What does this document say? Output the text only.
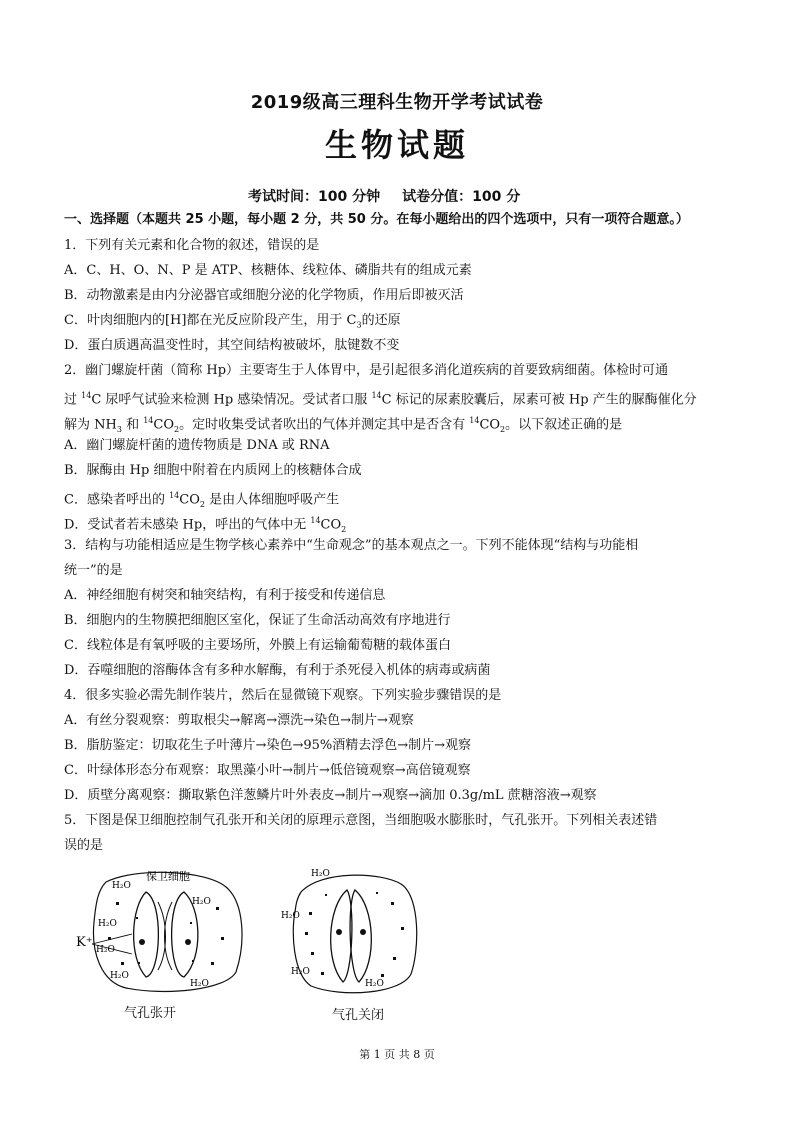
2019级高三理科生物开学考试试卷
生物试题
考试时间：100 分钟 试卷分值：100 分
一、选择题（本题共 25 小题，每小题 2 分，共 50 分。在每小题给出的四个选项中，只有一项符合题意。）
1．下列有关元素和化合物的叙述，错误的是
A．C、H、O、N、P 是 ATP、核糖体、线粒体、磷脂共有的组成元素
B．动物激素是由内分泌器官或细胞分泌的化学物质，作用后即被灭活
C．叶肉细胞内的[H]都在光反应阶段产生，用于 $C_3$的还原
D．蛋白质遇高温变性时，其空间结构被破坏，肽键数不变
2．幽门螺旋杆菌（简称 Hp）主要寄生于人体胃中，是引起很多消化道疾病的首要致病细菌。体检时可通
过 $^{14}$C 尿呼气试验来检测 Hp 感染情况。受试者口服 $^{14}$C 标记的尿素胶囊后，尿素可被 Hp 产生的脲酶催化分
解为 $NH_3$ 和 $^{14}CO_2$。定时收集受试者吹出的气体并测定其中是否含有 $^{14}CO_2$。以下叙述正确的是
A．幽门螺旋杆菌的遗传物质是 DNA 或 RNA
B．脲酶由 Hp 细胞中附着在内质网上的核糖体合成
C．感染者呼出的 $^{14}CO_2$ 是由人体细胞呼吸产生
D．受试者若未感染 Hp，呼出的气体中无 $^{14}CO_2$
3．结构与功能相适应是生物学核心素养中“生命观念”的基本观点之一。下列不能体现“结构与功能相
统一”的是
A．神经细胞有树突和轴突结构，有利于接受和传递信息
B．细胞内的生物膜把细胞区室化，保证了生命活动高效有序地进行
C．线粒体是有氧呼吸的主要场所，外膜上有运输葡萄糖的载体蛋白
D．吞噬细胞的溶酶体含有多种水解酶，有利于杀死侵入机体的病毒或病菌
4．很多实验必需先制作装片，然后在显微镜下观察。下列实验步骤错误的是
A．有丝分裂观察：剪取根尖→解离→漂洗→染色→制片→观察
B．脂肪鉴定：切取花生子叶薄片→染色→95%酒精去浮色→制片→观察
C．叶绿体形态分布观察：取黑藻小叶→制片→低倍镜观察→高倍镜观察
D．质壁分离观察：撕取紫色洋葱鳞片叶外表皮→制片→观察→滴加 0.3g/mL 蔗糖溶液→观察
5．下图是保卫细胞控制气孔张开和关闭的原理示意图，当细胞吸水膨胀时，气孔张开。下列相关表述错
误的是
保卫细胞
H₂O
H₂O
H₂O
H₂O
H₂O
H₂O
K⁺
H₂O
H₂O
H₂O
H₂O
气孔张开	气孔关闭
第 1 页 共 8 页
